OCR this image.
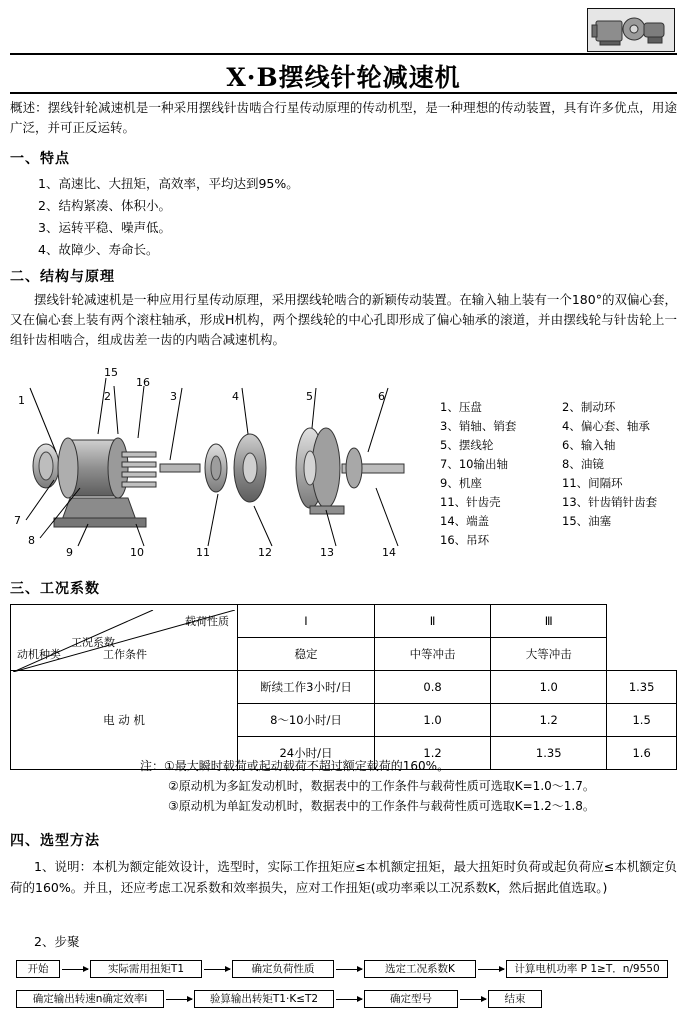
X·B摆线针轮减速机
概述：摆线针轮减速机是一种采用摆线针齿啮合行星传动原理的传动机型，是一种理想的传动装置，具有许多优点，用途广泛，并可正反运转。
一、特点
1、高速比、大扭矩，高效率，平均达到95%。
2、结构紧凑、体积小。
3、运转平稳、噪声低。
4、故障少、寿命长。
二、结构与原理
摆线针轮减速机是一种应用行星传动原理，采用摆线轮啮合的新颖传动装置。在输入轴上装有一个180°的双偏心套，又在偏心套上装有两个滚柱轴承，形成H机构，两个摆线轮的中心孔即形成了偏心轴承的滚道，并由摆线轮与针齿轮上一组针齿相啮合，组成齿差一齿的内啮合减速机构。
15
16
1	2	3	4	5	6
7
8
9	10	11	12	13	14
1、压盘	2、制动环
3、销轴、销套	4、偏心套、轴承
5、摆线轮	6、输入轴
7、10输出轴	8、油镜
9、机座	11、间隔环
11、针齿壳	13、针齿销针齿套
14、端盖	15、油塞
16、吊环
三、工况系数
载荷性质
工况系数
动机种类 工作条件	Ⅰ	Ⅱ	Ⅲ	
	稳定	中等冲击	大等冲击	
电 动 机	断续工作3小时/日	0.8	1.0	1.35
	8～10小时/日	1.0	1.2	1.5
	24小时/日	1.2	1.35	1.6
注：①最大瞬时载荷或起动载荷不超过额定载荷的160%。
②原动机为多缸发动机时，数据表中的工作条件与载荷性质可选取K=1.0～1.7。
③原动机为单缸发动机时，数据表中的工作条件与载荷性质可选取K=1.2～1.8。
四、选型方法
1、说明：本机为额定能效设计，选型时，实际工作扭矩应≤本机额定扭矩，最大扭矩时负荷或起负荷应≤本机额定负荷的160%。并且，还应考虑工况系数和效率损失，应对工作扭矩(或功率乘以工况系数K，然后据此值选取。)
2、步聚
开始	实际需用扭矩T1	确定负荷性质	选定工况系数K	计算电机功率 P 1≥T．n/9550
确定输出转速n确定效率i	验算输出转矩T1·K≤T2	确定型号	结束
